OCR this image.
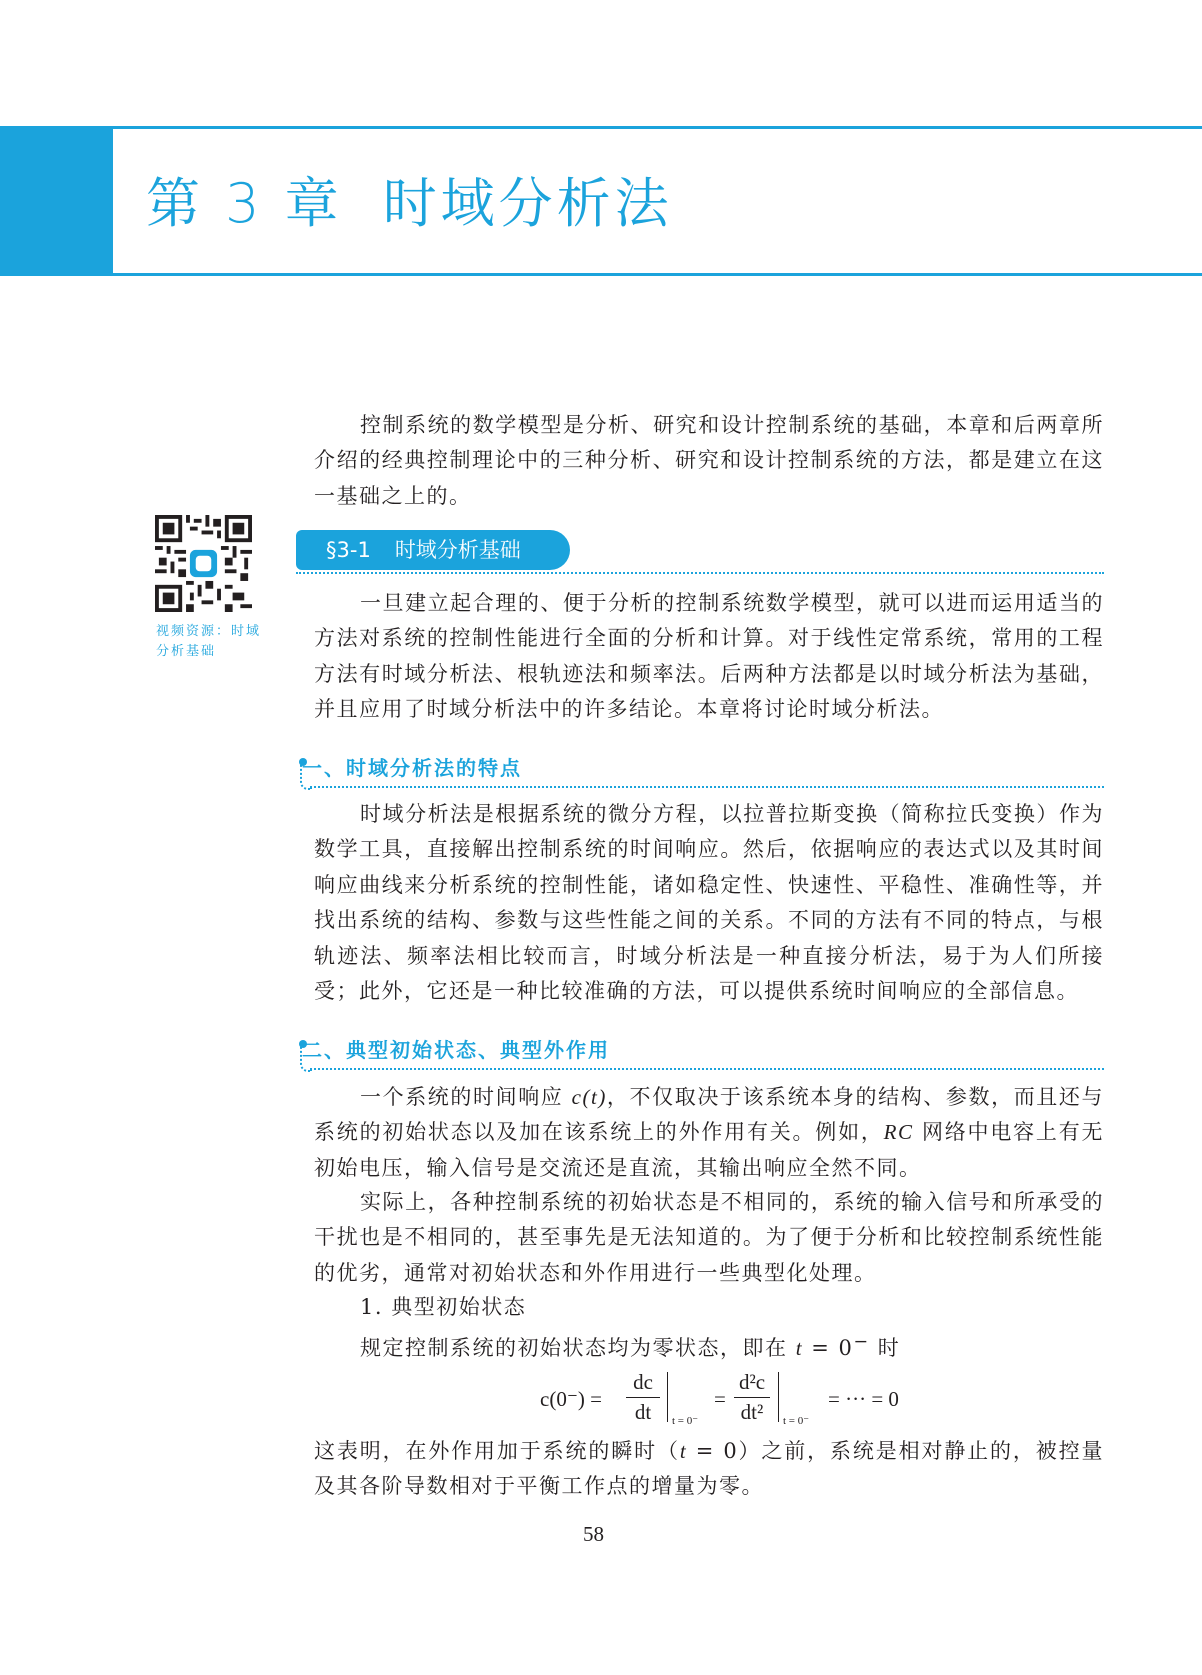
第 3 章 时域分析法

控制系统的数学模型是分析、研究和设计控制系统的基础，本章和后两章所介绍的经典控制理论中的三种分析、研究和设计控制系统的方法，都是建立在这一基础之上的。

视频资源：时域分析基础
§3-1 时域分析基础

一旦建立起合理的、便于分析的控制系统数学模型，就可以进而运用适当的方法对系统的控制性能进行全面的分析和计算。对于线性定常系统，常用的工程方法有时域分析法、根轨迹法和频率法。后两种方法都是以时域分析法为基础，并且应用了时域分析法中的许多结论。本章将讨论时域分析法。

一、时域分析法的特点

时域分析法是根据系统的微分方程，以拉普拉斯变换（简称拉氏变换）作为数学工具，直接解出控制系统的时间响应。然后，依据响应的表达式以及其时间响应曲线来分析系统的控制性能，诸如稳定性、快速性、平稳性、准确性等，并找出系统的结构、参数与这些性能之间的关系。不同的方法有不同的特点，与根轨迹法、频率法相比较而言，时域分析法是一种直接分析法，易于为人们所接受；此外，它还是一种比较准确的方法，可以提供系统时间响应的全部信息。

二、典型初始状态、典型外作用

一个系统的时间响应 c(t)，不仅取决于该系统本身的结构、参数，而且还与系统的初始状态以及加在该系统上的外作用有关。例如，RC 网络中电容上有无初始电压，输入信号是交流还是直流，其输出响应全然不同。

实际上，各种控制系统的初始状态是不相同的，系统的输入信号和所承受的干扰也是不相同的，甚至事先是无法知道的。为了便于分析和比较控制系统性能的优劣，通常对初始状态和外作用进行一些典型化处理。

1. 典型初始状态

规定控制系统的初始状态均为零状态，即在 t = 0− 时

c(0⁻) =
dc
dt	t = 0⁻
=
d²c
dt²	t = 0⁻
= ··· = 0

这表明，在外作用加于系统的瞬时（t = 0）之前，系统是相对静止的，被控量及其各阶导数相对于平衡工作点的增量为零。

58
